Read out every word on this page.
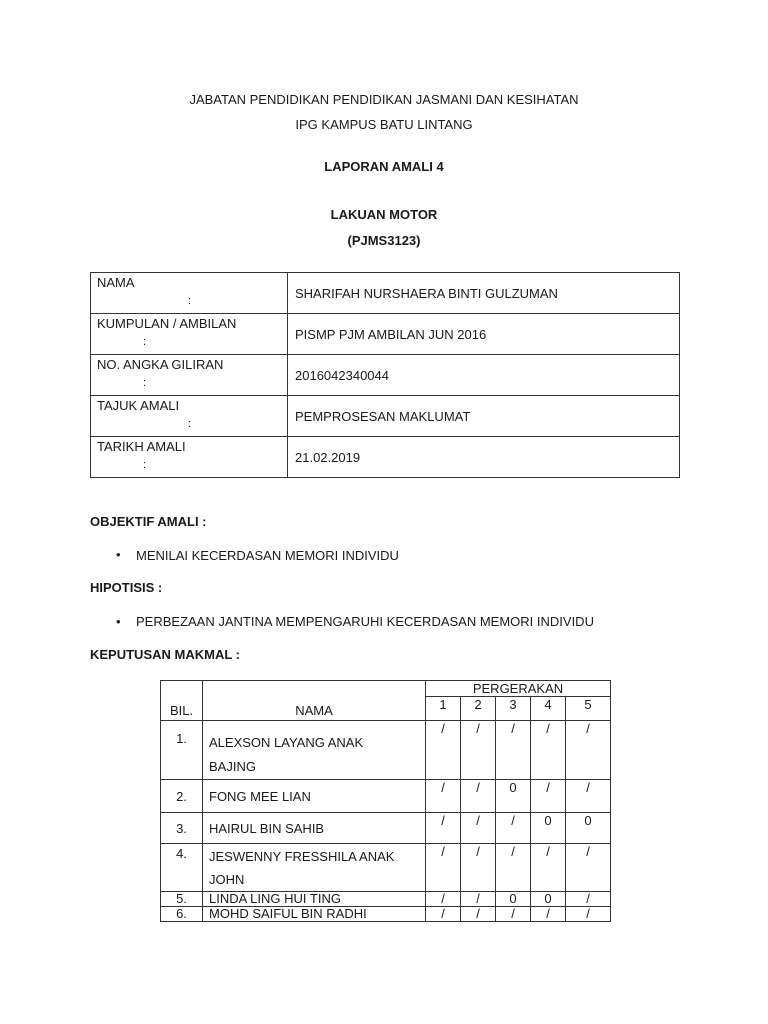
JABATAN PENDIDIKAN PENDIDIKAN JASMANI DAN KESIHATAN
IPG KAMPUS BATU LINTANG
LAPORAN AMALI 4
LAKUAN MOTOR
(PJMS3123)
NAMA
:	SHARIFAH NURSHAERA BINTI GULZUMAN

KUMPULAN / AMBILAN
:	PISMP PJM AMBILAN JUN 2016

NO. ANGKA GILIRAN
:	2016042340044

TAJUK AMALI
:	PEMPROSESAN MAKLUMAT

TARIKH AMALI
:	21.02.2019
OBJEKTIF AMALI :
• MENILAI KECERDASAN MEMORI INDIVIDU
HIPOTISIS :
• PERBEZAAN JANTINA MEMPENGARUHI KECERDASAN MEMORI INDIVIDU
KEPUTUSAN MAKMAL :
BIL.	NAMA	PERGERAKAN				
		1	2	3	4	5
1.	ALEXSON LAYANG ANAK
BAJING	/	/	/	/	/
2.	FONG MEE LIAN	/	/	0	/	/
3.	HAIRUL BIN SAHIB	/	/	/	0	0
4.	JESWENNY FRESSHILA ANAK
JOHN	/	/	/	/	/
5.	LINDA LING HUI TING	/	/	0	0	/
6.	MOHD SAIFUL BIN RADHI	/	/	/	/	/
